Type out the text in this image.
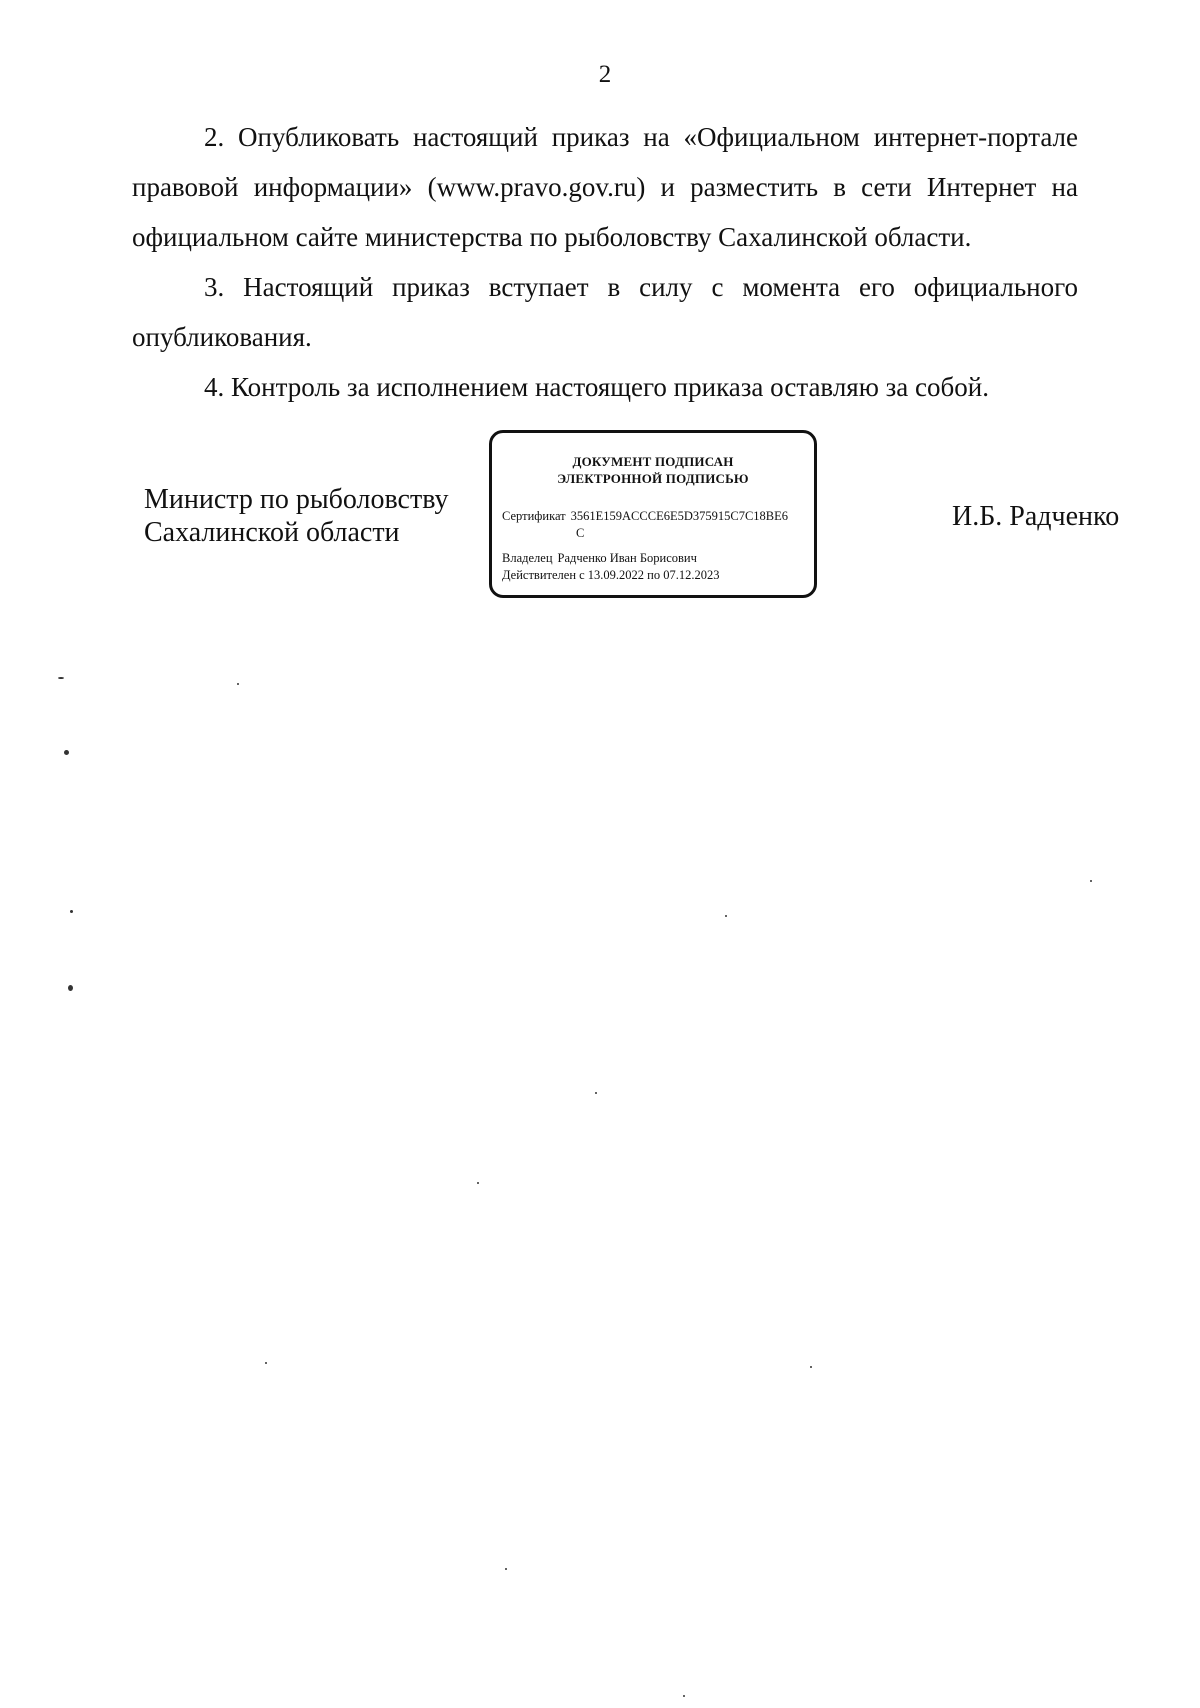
2

2. Опубликовать настоящий приказ на «Официальном интернет-портале правовой информации» (www.pravo.gov.ru) и разместить в сети Интернет на официальном сайте министерства по рыболовству Сахалинской области.

3. Настоящий приказ вступает в силу с момента его официального опубликования.

4. Контроль за исполнением настоящего приказа оставляю за собой.

Министр по рыболовству
Сахалинской области
ДОКУМЕНТ ПОДПИСАН
ЭЛЕКТРОННОЙ ПОДПИСЬЮ
Сертификат 3561E159ACCCE6E5D375915C7C18BE6
C
Владелец Радченко Иван Борисович
Действителен с 13.09.2022 по 07.12.2023
И.Б. Радченко
